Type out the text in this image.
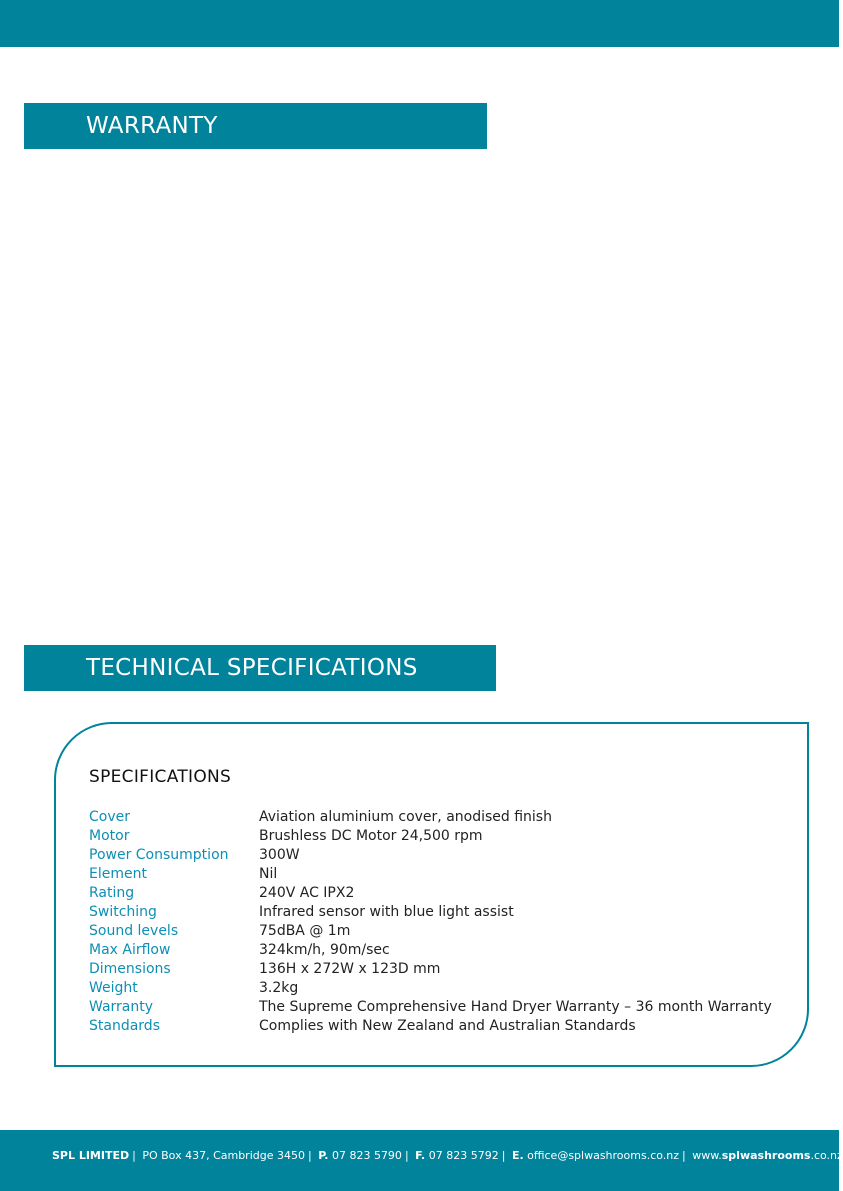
WARRANTY
TECHNICAL SPECIFICATIONS
SPECIFICATIONS
Cover	Aviation aluminium cover, anodised finish
Motor	Brushless DC Motor 24,500 rpm
Power Consumption	300W
Element	Nil
Rating	240V AC IPX2
Switching	Infrared sensor with blue light assist
Sound levels	75dBA @ 1m
Max Airflow	324km/h, 90m/sec
Dimensions	136H x 272W x 123D mm
Weight	3.2kg
Warranty	The Supreme Comprehensive Hand Dryer Warranty – 36 month Warranty
Standards	Complies with New Zealand and Australian Standards
SPL LIMITED | PO Box 437, Cambridge 3450 | P. 07 823 5790 | F. 07 823 5792 | E. office@splwashrooms.co.nz | www.splwashrooms.co.nz
